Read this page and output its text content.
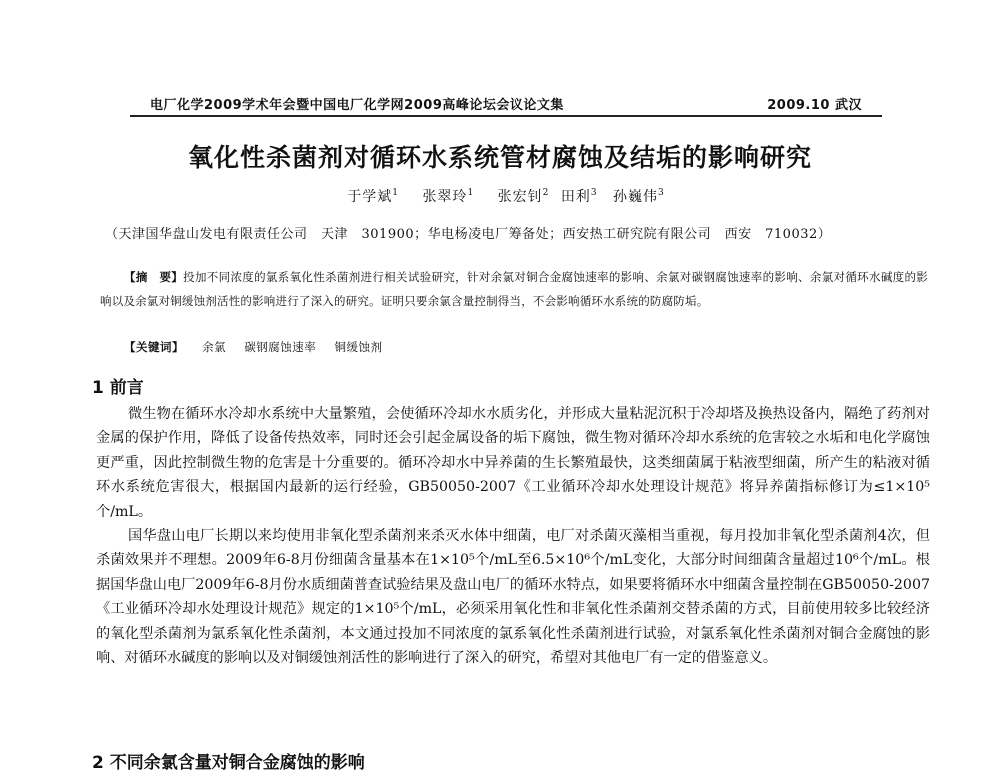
电厂化学2009学术年会暨中国电厂化学网2009高峰论坛会议论文集	2009.10 武汉
氧化性杀菌剂对循环水系统管材腐蚀及结垢的影响研究
于学斌$^1$ 张翠玲$^1$ 张宏钊$^2$ 田利$^3$ 孙巍伟$^3$
（天津国华盘山发电有限责任公司　天津　301900；华电杨凌电厂筹备处；西安热工研究院有限公司　西安　710032）
【摘　要】投加不同浓度的氯系氧化性杀菌剂进行相关试验研究，针对余氯对铜合金腐蚀速率的影响、余氯对碳钢腐蚀速率的影响、余氯对循环水碱度的影响以及余氯对铜缓蚀剂活性的影响进行了深入的研究。证明只要余氯含量控制得当，不会影响循环水系统的防腐防垢。
【关键词】 余氯 碳钢腐蚀速率 铜缓蚀剂
1 前言

微生物在循环水冷却水系统中大量繁殖，会使循环冷却水水质劣化，并形成大量粘泥沉积于冷却塔及换热设备内，隔绝了药剂对金属的保护作用，降低了设备传热效率，同时还会引起金属设备的垢下腐蚀，微生物对循环冷却水系统的危害较之水垢和电化学腐蚀更严重，因此控制微生物的危害是十分重要的。循环冷却水中异养菌的生长繁殖最快，这类细菌属于粘液型细菌，所产生的粘液对循环水系统危害很大，根据国内最新的运行经验，GB50050-2007《工业循环冷却水处理设计规范》将异养菌指标修订为≤1×10⁵个/mL。

国华盘山电厂长期以来均使用非氧化型杀菌剂来杀灭水体中细菌，电厂对杀菌灭藻相当重视，每月投加非氧化型杀菌剂4次，但杀菌效果并不理想。2009年6-8月份细菌含量基本在1×10⁵个/mL至6.5×10⁶个/mL变化，大部分时间细菌含量超过10⁶个/mL。根据国华盘山电厂2009年6-8月份水质细菌普查试验结果及盘山电厂的循环水特点，如果要将循环水中细菌含量控制在GB50050-2007《工业循环冷却水处理设计规范》规定的1×10⁵个/mL，必须采用氧化性和非氧化性杀菌剂交替杀菌的方式，目前使用较多比较经济的氧化型杀菌剂为氯系氧化性杀菌剂，本文通过投加不同浓度的氯系氧化性杀菌剂进行试验，对氯系氧化性杀菌剂对铜合金腐蚀的影响、对循环水碱度的影响以及对铜缓蚀剂活性的影响进行了深入的研究，希望对其他电厂有一定的借鉴意义。

2 不同余氯含量对铜合金腐蚀的影响
